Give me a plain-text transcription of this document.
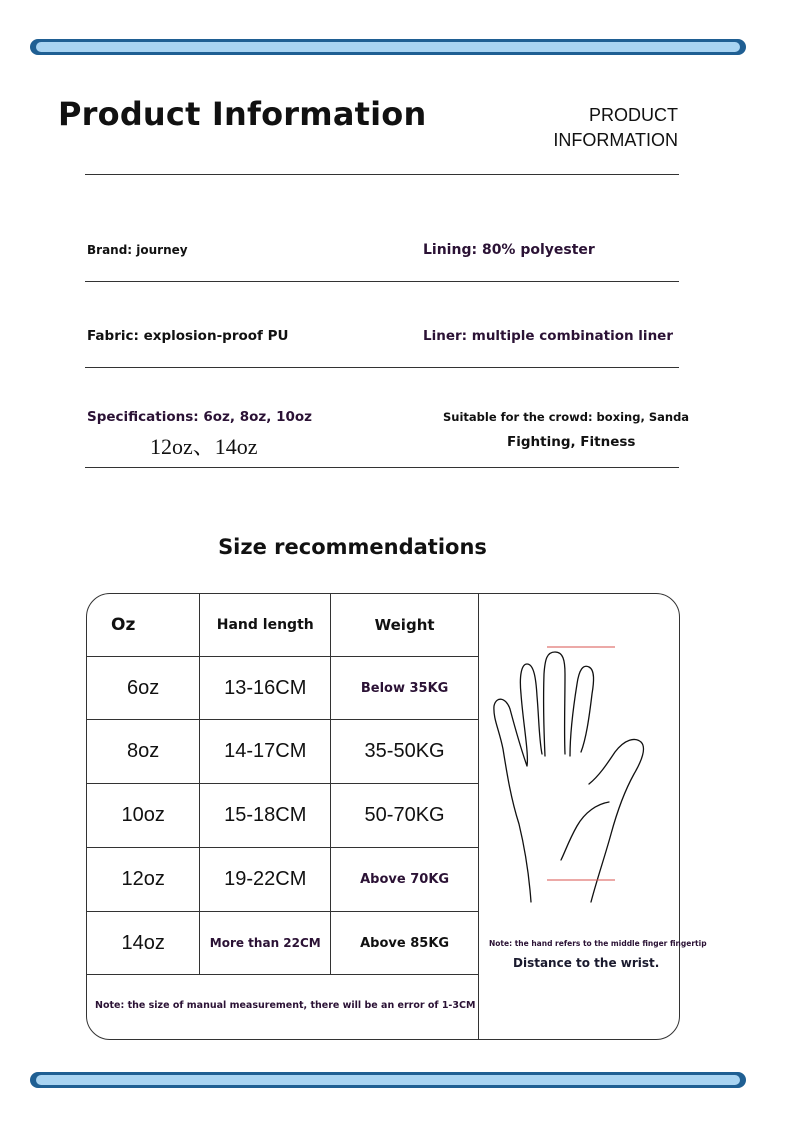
Product Information	PRODUCT
INFORMATION
Brand: journey	Lining: 80% polyester
Fabric: explosion-proof PU	Liner: multiple combination liner
Specifications: 6oz, 8oz, 10oz
12oz、14oz
Suitable for the crowd: boxing, Sanda
Fighting, Fitness
Size recommendations
Oz	Hand length	Weight
6oz	13-16CM	Below 35KG
8oz	14-17CM	35-50KG
10oz	15-18CM	50-70KG
12oz	19-22CM	Above 70KG
14oz	More than 22CM	Above 85KG
Note: the size of manual measurement, there will be an error of 1-3CM		
Note: the hand refers to the middle finger fingertip
Distance to the wrist.
